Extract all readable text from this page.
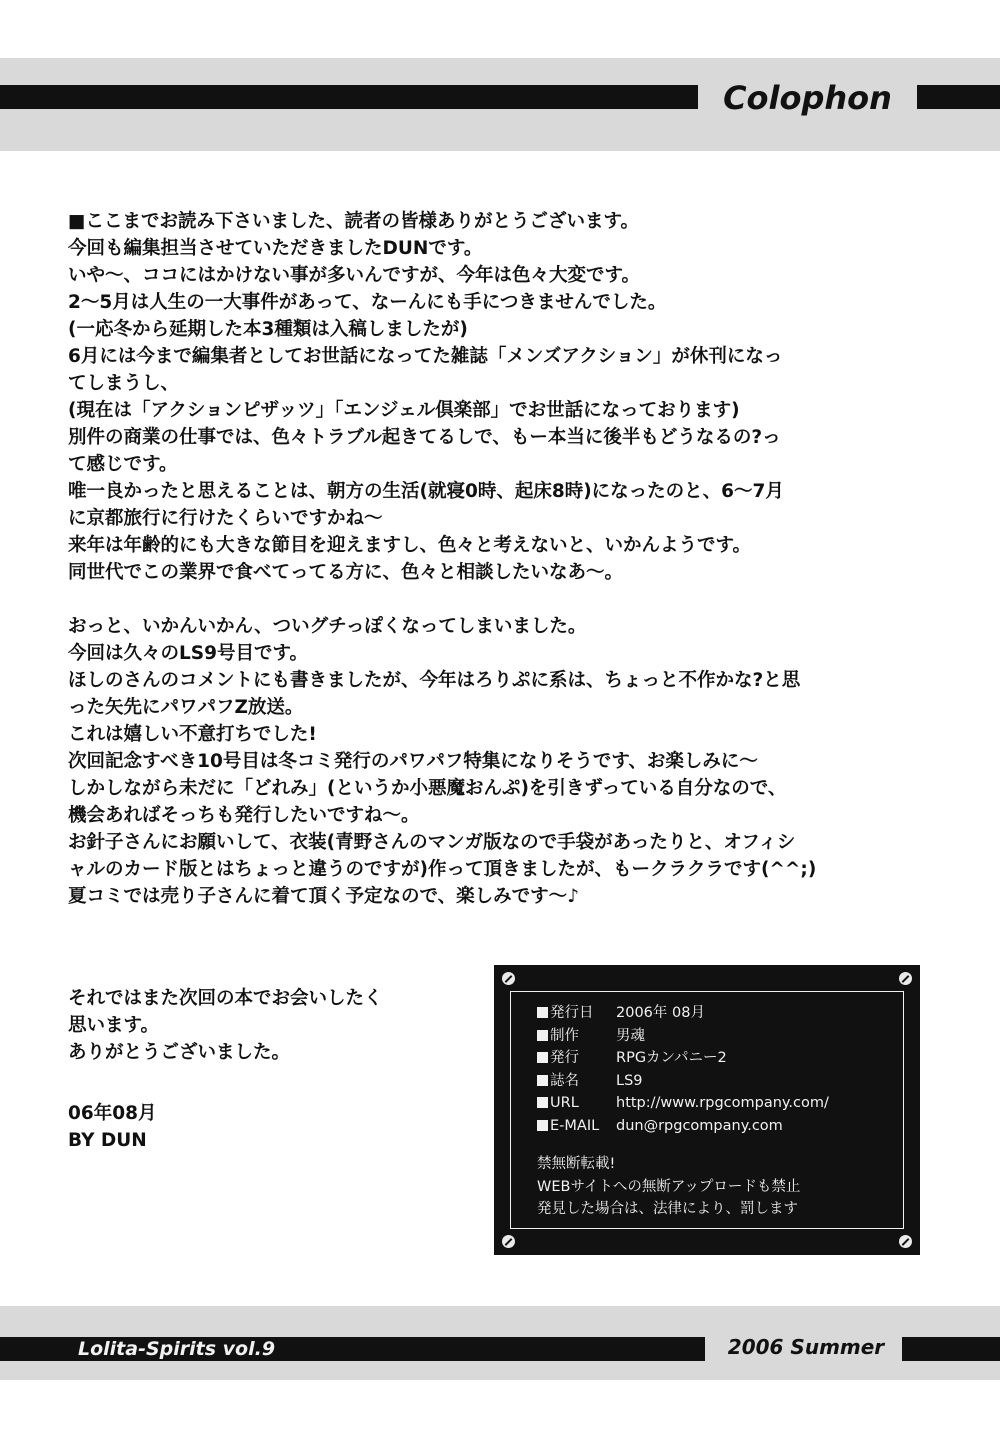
Colophon
■ここまでお読み下さいました、読者の皆様ありがとうございます。
今回も編集担当させていただきましたDUNです。
いや～、ココにはかけない事が多いんですが、今年は色々大変です。
2～5月は人生の一大事件があって、なーんにも手につきませんでした。
(一応冬から延期した本3種類は入稿しましたが)
6月には今まで編集者としてお世話になってた雑誌「メンズアクション」が休刊になっ
てしまうし、
(現在は「アクションピザッツ」「エンジェル倶楽部」でお世話になっております)
別件の商業の仕事では、色々トラブル起きてるしで、もー本当に後半もどうなるの?っ
て感じです。
唯一良かったと思えることは、朝方の生活(就寝0時、起床8時)になったのと、6～7月
に京都旅行に行けたくらいですかね～
来年は年齢的にも大きな節目を迎えますし、色々と考えないと、いかんようです。
同世代でこの業界で食べてってる方に、色々と相談したいなあ～。
おっと、いかんいかん、ついグチっぽくなってしまいました。
今回は久々のLS9号目です。
ほしのさんのコメントにも書きましたが、今年はろりぷに系は、ちょっと不作かな?と思
った矢先にパワパフZ放送。
これは嬉しい不意打ちでした!
次回記念すべき10号目は冬コミ発行のパワパフ特集になりそうです、お楽しみに～
しかしながら未だに「どれみ」(というか小悪魔おんぷ)を引きずっている自分なので、
機会あればそっちも発行したいですね～。
お針子さんにお願いして、衣装(青野さんのマンガ版なので手袋があったりと、オフィシ
ャルのカード版とはちょっと違うのですが)作って頂きましたが、もークラクラです(^^;)
夏コミでは売り子さんに着て頂く予定なので、楽しみです～♪
それではまた次回の本でお会いしたく
思います。
ありがとうございました。
06年08月
BY DUN
発行日 2006年 08月
制作	男魂
発行	RPGカンパニー2
誌名	LS9
URL	http://www.rpgcompany.com/
E-MAIL dun@rpgcompany.com
禁無断転載!
WEBサイトへの無断アップロードも禁止
発見した場合は、法律により、罰します
Lolita-Spirits vol.9	2006 Summer
